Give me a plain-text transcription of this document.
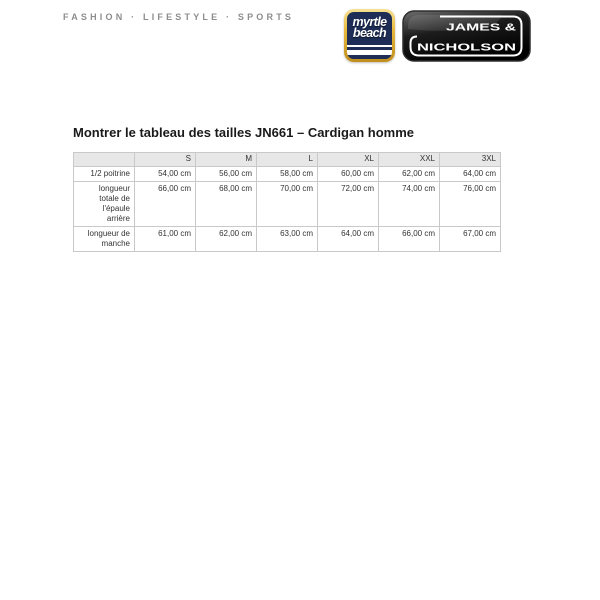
FASHION · LIFESTYLE · SPORTS	myrtle
beach	JAMES &
NICHOLSON
Montrer le tableau des tailles JN661 – Cardigan homme
	S	M	L	XL	XXL	3XL
1/2 poitrine	54,00 cm	56,00 cm	58,00 cm	60,00 cm	62,00 cm	64,00 cm
longueur totale de l'épaule arrière	66,00 cm	68,00 cm	70,00 cm	72,00 cm	74,00 cm	76,00 cm
longueur de manche	61,00 cm	62,00 cm	63,00 cm	64,00 cm	66,00 cm	67,00 cm
